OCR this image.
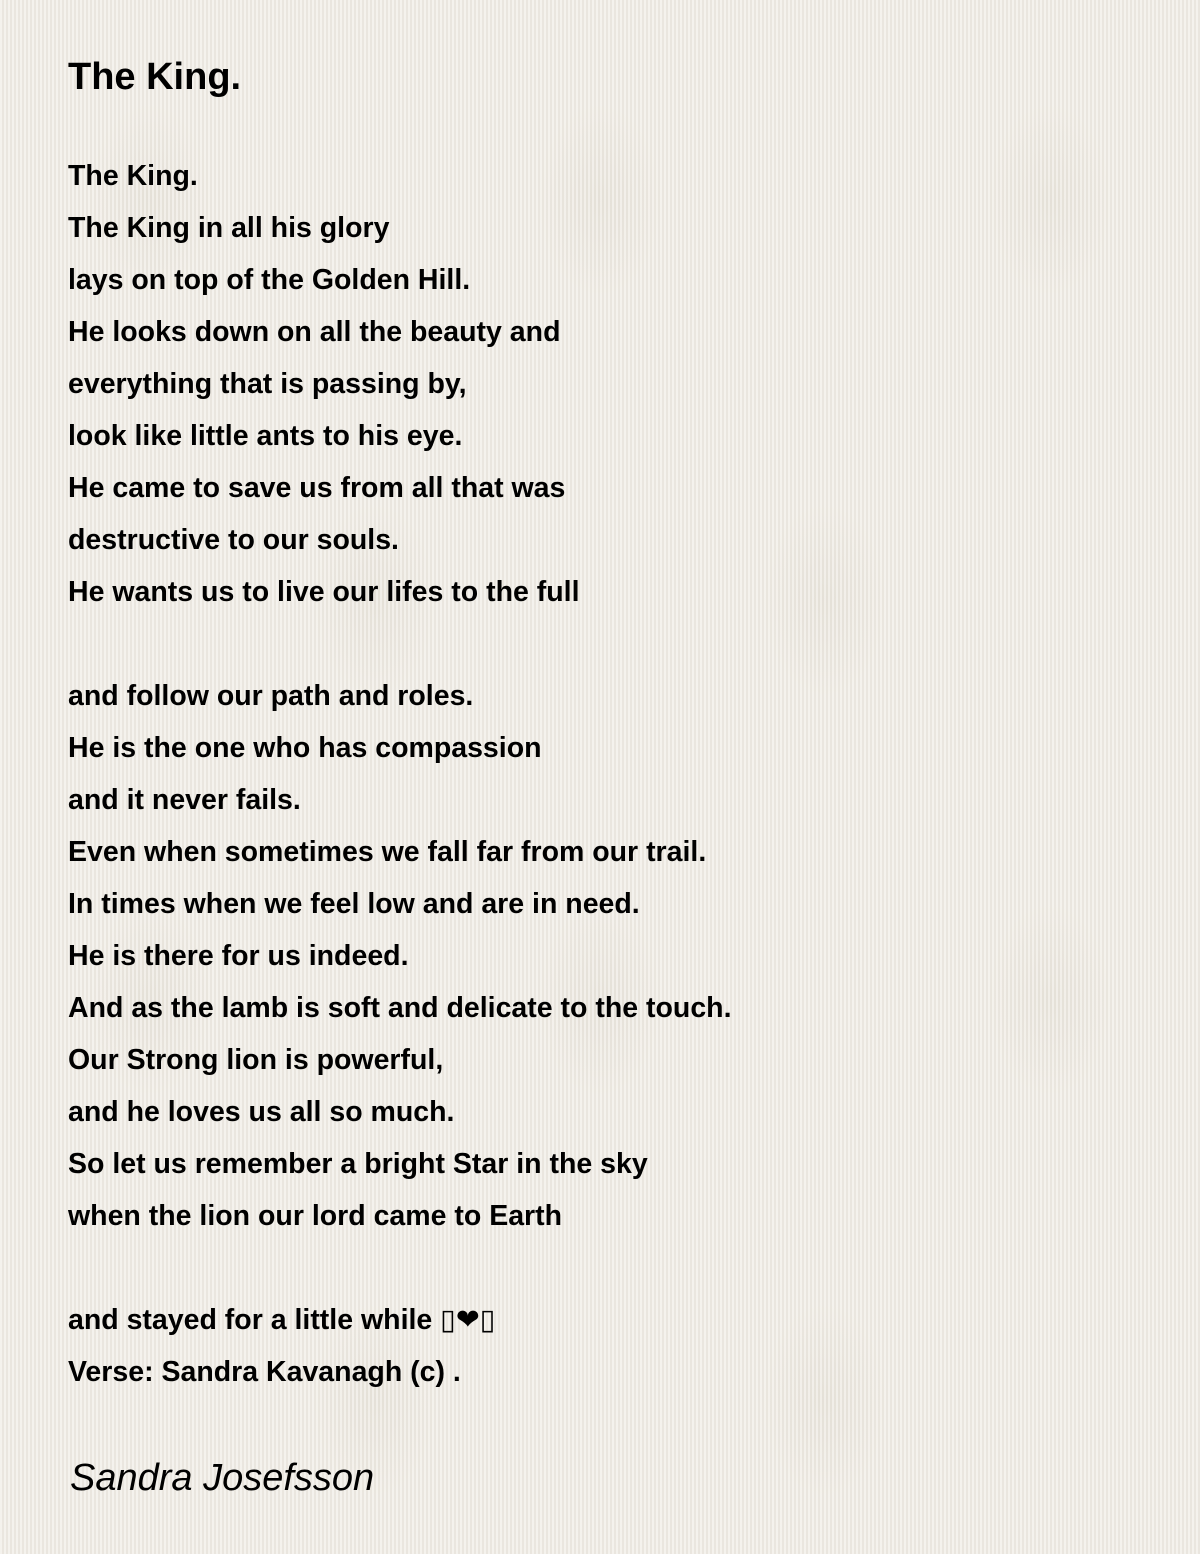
The King.
The King.
The King in all his glory
lays on top of the Golden Hill.
He looks down on all the beauty and
everything that is passing by,
look like little ants to his eye.
He came to save us from all that was
destructive to our souls.
He wants us to live our lifes to the full
and follow our path and roles.
He is the one who has compassion
and it never fails.
Even when sometimes we fall far from our trail.
In times when we feel low and are in need.
He is there for us indeed.
And as the lamb is soft and delicate to the touch.
Our Strong lion is powerful,
and he loves us all so much.
So let us remember a bright Star in the sky
when the lion our lord came to Earth
and stayed for a little while ▯❤▯
Verse: Sandra Kavanagh (c) .
Sandra Josefsson
